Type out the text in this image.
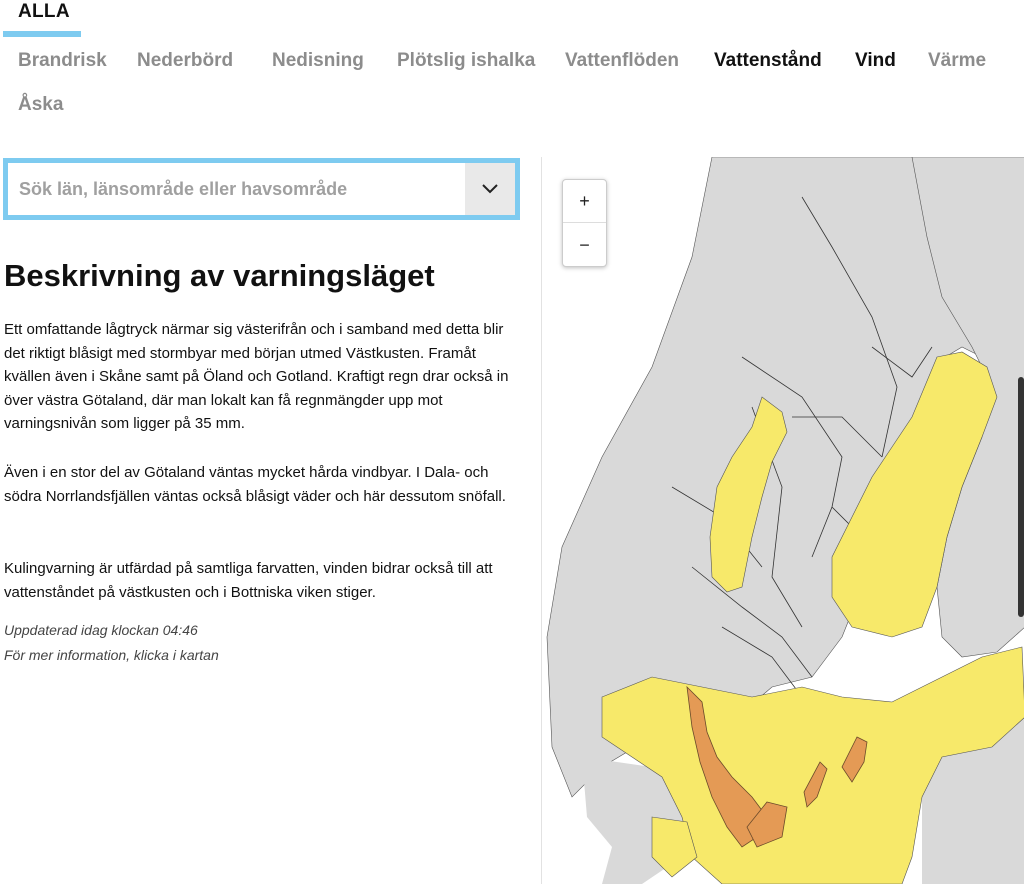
ALLA
Brandrisk Nederbörd Nedisning Plötslig ishalka Vattenflöden Vattenstånd Vind Värme
Åska
Sök län, länsområde eller havsområde
Beskrivning av varningsläget

Ett omfattande lågtryck närmar sig västerifrån och i samband med detta blir det riktigt blåsigt med stormbyar med början utmed Västkusten. Framåt kvällen även i Skåne samt på Öland och Gotland. Kraftigt regn drar också in över västra Götaland, där man lokalt kan få regnmängder upp mot varningsnivån som ligger på 35 mm.

Även i en stor del av Götaland väntas mycket hårda vindbyar. I Dala- och södra Norrlandsfjällen väntas också blåsigt väder och här dessutom snöfall.

Kulingvarning är utfärdad på samtliga farvatten, vinden bidrar också till att vattenståndet på västkusten och i Bottniska viken stiger.

Uppdaterad idag klockan 04:46

För mer information, klicka i kartan

+
−
